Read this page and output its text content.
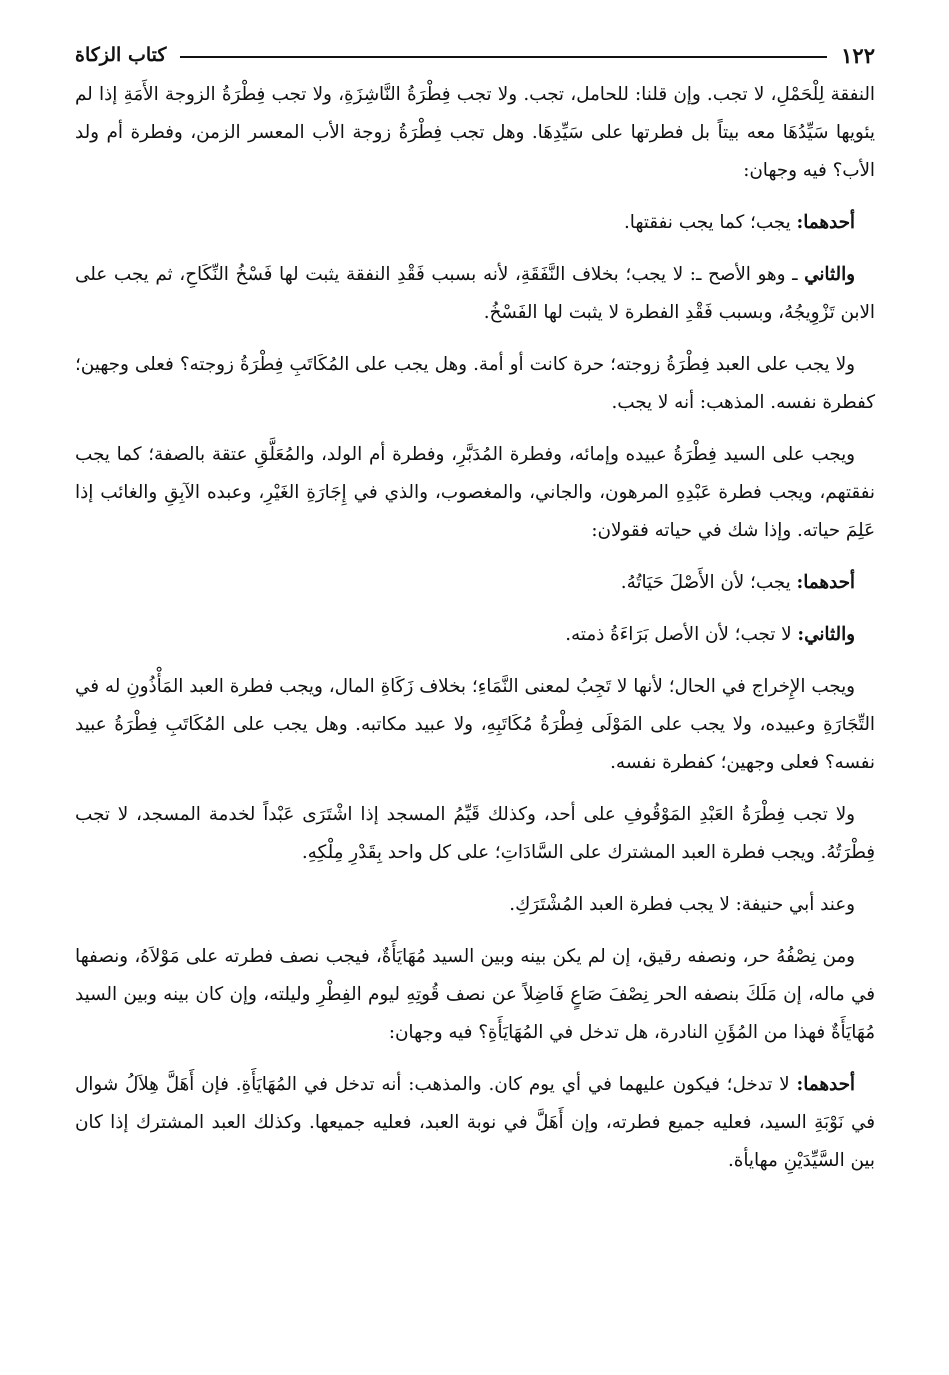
١٢٢
كتاب الزكاة

النفقة لِلْحَمْلِ، لا تجب. وإن قلنا: للحامل، تجب. ولا تجب فِطْرَةُ النَّاشِزَةِ، ولا تجب فِطْرَةُ الزوجة الأَمَةِ إذا لم يئويها سَيِّدُهَا معه بيتاً بل فطرتها على سَيِّدِهَا. وهل تجب فِطْرَةُ زوجة الأب المعسر الزمن، وفطرة أم ولد الأب؟ فيه وجهان:

أحدهما: يجب؛ كما يجب نفقتها.

والثاني ـ وهو الأصح ـ: لا يجب؛ بخلاف النَّفَقَةِ، لأنه بسبب فَقْدِ النفقة يثبت لها فَسْخُ النِّكَاحِ، ثم يجب على الابن تَزْوِيجُهُ، وبسبب فَقْدِ الفطرة لا يثبت لها الفَسْخُ.

ولا يجب على العبد فِطْرَةُ زوجته؛ حرة كانت أو أمة. وهل يجب على المُكَاتَبِ فِطْرَةُ زوجته؟ فعلى وجهين؛ كفطرة نفسه. المذهب: أنه لا يجب.

ويجب على السيد فِطْرَةُ عبيده وإمائه، وفطرة المُدَبَّرِ، وفطرة أم الولد، والمُعَلَّقِ عتقة بالصفة؛ كما يجب نفقتهم، ويجب فطرة عَبْدِهِ المرهون، والجاني، والمغصوب، والذي في إِجَارَةِ الغَيْرِ، وعبده الآبِقِ والغائب إذا عَلِمَ حياته. وإذا شك في حياته فقولان:

أحدهما: يجب؛ لأن الأَصْلَ حَيَاتُهُ.

والثاني: لا تجب؛ لأن الأصل بَرَاءَةُ ذمته.

ويجب الإِخراج في الحال؛ لأنها لا تَجِبُ لمعنى النَّمَاءِ؛ بخلاف زَكَاةِ المال، ويجب فطرة العبد المَأْذُونِ له في التِّجَارَةِ وعبيده، ولا يجب على المَوْلَى فِطْرَةُ مُكَاتَبِهِ، ولا عبيد مكاتبه. وهل يجب على المُكَاتَبِ فِطْرَةُ عبيد نفسه؟ فعلى وجهين؛ كفطرة نفسه.

ولا تجب فِطْرَةُ العَبْدِ المَوْقُوفِ على أحد، وكذلك قَيِّمُ المسجد إذا اشْتَرَى عَبْداً لخدمة المسجد، لا تجب فِطْرَتُهُ. ويجب فطرة العبد المشترك على السَّادَاتِ؛ على كل واحد بِقَدْرِ مِلْكِهِ.

وعند أبي حنيفة: لا يجب فطرة العبد المُشْتَرَكِ.

ومن نِصْفُهُ حر، ونصفه رقيق، إن لم يكن بينه وبين السيد مُهَايَأَةٌ، فيجب نصف فطرته على مَوْلاَهُ، ونصفها في ماله، إن مَلَكَ بنصفه الحر نِصْفَ صَاعٍ فَاضِلاً عن نصف قُوتِهِ ليوم الفِطْرِ وليلته، وإن كان بينه وبين السيد مُهَايَأَةٌ فهذا من المُؤَنِ النادرة، هل تدخل في المُهَايَأَةِ؟ فيه وجهان:

أحدهما: لا تدخل؛ فيكون عليهما في أي يوم كان. والمذهب: أنه تدخل في المُهَايَأَةِ. فإن أَهَلَّ هِلاَلُ شوال في نَوْبَةِ السيد، فعليه جميع فطرته، وإن أَهَلَّ في نوبة العبد، فعليه جميعها. وكذلك العبد المشترك إذا كان بين السَّيِّدَيْنِ مهايأة.
